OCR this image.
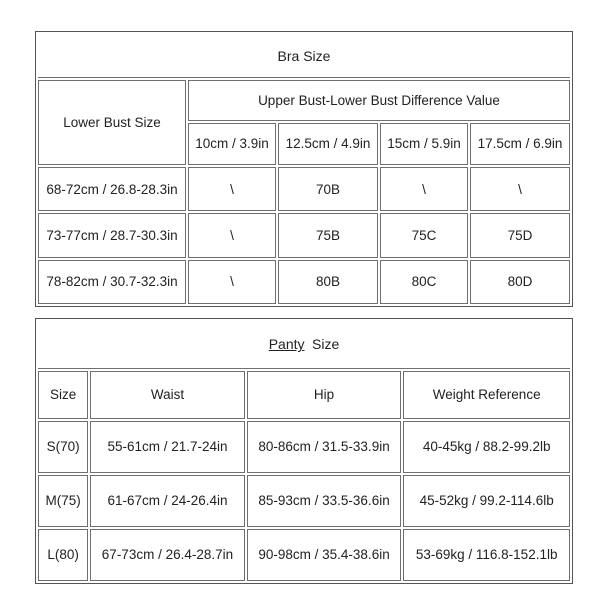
Bra Size				
Lower Bust Size	Upper Bust-Lower Bust Difference Value			
	10cm / 3.9in	12.5cm / 4.9in	15cm / 5.9in	17.5cm / 6.9in
68-72cm / 26.8-28.3in	\	70B	\	\
73-77cm / 28.7-30.3in	\	75B	75C	75D
78-82cm / 30.7-32.3in	\	80B	80C	80D
Panty Size			
Size	Waist	Hip	Weight Reference
S(70)	55-61cm / 21.7-24in	80-86cm / 31.5-33.9in	40-45kg / 88.2-99.2lb
M(75)	61-67cm / 24-26.4in	85-93cm / 33.5-36.6in	45-52kg / 99.2-114.6lb
L(80)	67-73cm / 26.4-28.7in	90-98cm / 35.4-38.6in	53-69kg / 116.8-152.1lb
